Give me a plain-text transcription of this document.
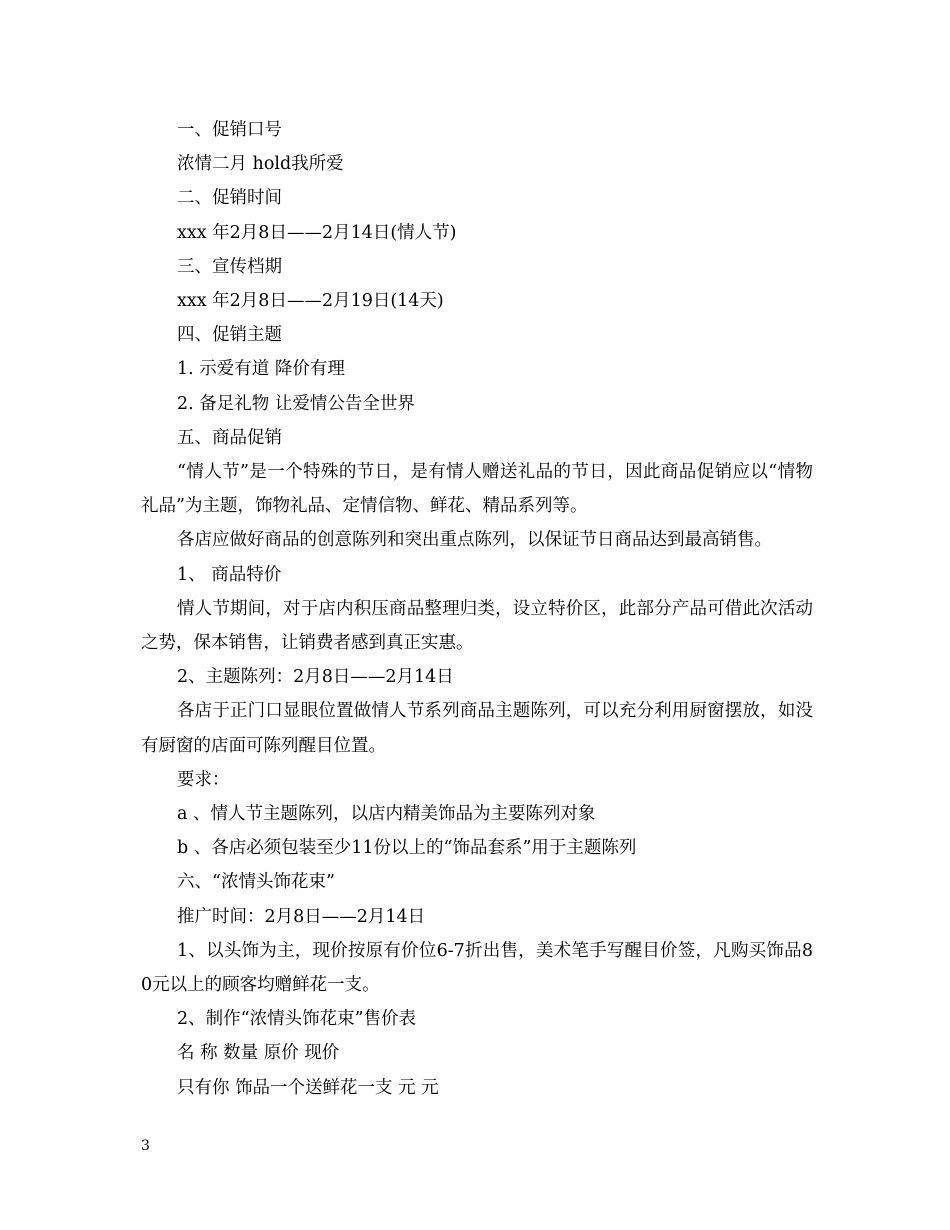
一、促销口号

浓情二月 hold我所爱

二、促销时间

xxx 年2月8日——2月14日(情人节)

三、宣传档期

xxx 年2月8日——2月19日(14天)

四、促销主题

1. 示爱有道 降价有理

2. 备足礼物 让爱情公告全世界

五、商品促销

“情人节”是一个特殊的节日，是有情人赠送礼品的节日，因此商品促销应以“情物礼品”为主题，饰物礼品、定情信物、鲜花、精品系列等。

各店应做好商品的创意陈列和突出重点陈列，以保证节日商品达到最高销售。

1、 商品特价

情人节期间，对于店内积压商品整理归类，设立特价区，此部分产品可借此次活动之势，保本销售，让销费者感到真正实惠。

2、主题陈列：2月8日——2月14日

各店于正门口显眼位置做情人节系列商品主题陈列，可以充分利用厨窗摆放，如没有厨窗的店面可陈列醒目位置。

要求：

a 、情人节主题陈列，以店内精美饰品为主要陈列对象

b 、各店必须包装至少11份以上的“饰品套系”用于主题陈列

六、“浓情头饰花束”

推广时间：2月8日——2月14日

1、以头饰为主，现价按原有价位6-7折出售，美术笔手写醒目价签，凡购买饰品80元以上的顾客均赠鲜花一支。

2、制作“浓情头饰花束”售价表

名 称 数量 原价 现价

只有你 饰品一个送鲜花一支 元 元

3
